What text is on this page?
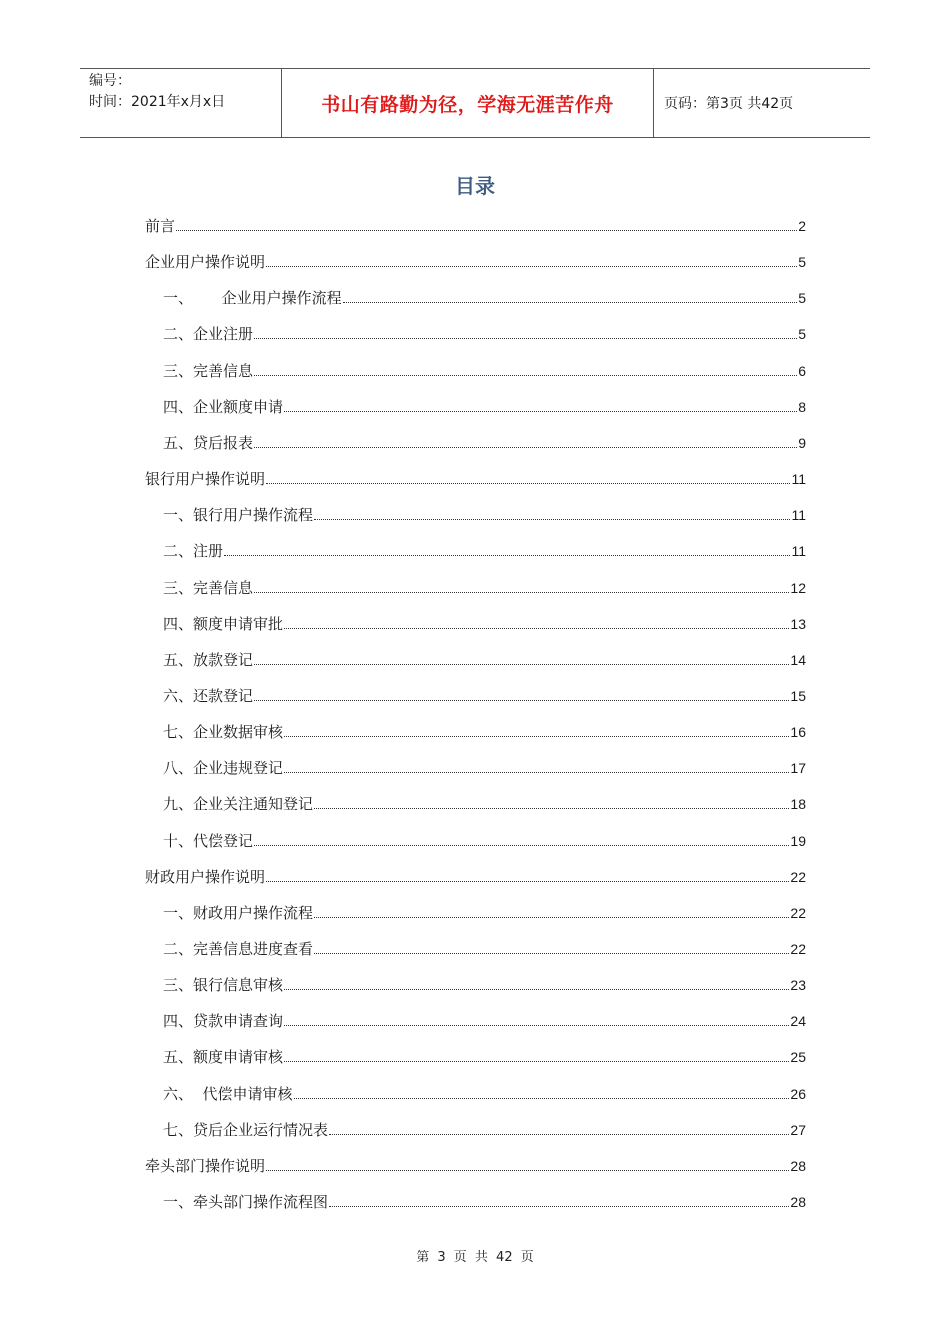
编号：
时间：2021年x月x日	书山有路勤为径，学海无涯苦作舟	页码：第3页 共42页
目录
前言	2
企业用户操作说明	5
一、      企业用户操作流程	5
二、企业注册	5
三、完善信息	6
四、企业额度申请	8
五、贷后报表	9
银行用户操作说明	11
一、银行用户操作流程	11
二、注册	11
三、完善信息	12
四、额度申请审批	13
五、放款登记	14
六、还款登记	15
七、企业数据审核	16
八、企业违规登记	17
九、企业关注通知登记	18
十、代偿登记	19
财政用户操作说明	22
一、财政用户操作流程	22
二、完善信息进度查看	22
三、银行信息审核	23
四、贷款申请查询	24
五、额度申请审核	25
六、  代偿申请审核	26
七、贷后企业运行情况表	27
牵头部门操作说明	28
一、牵头部门操作流程图	28
第 3 页 共 42 页
